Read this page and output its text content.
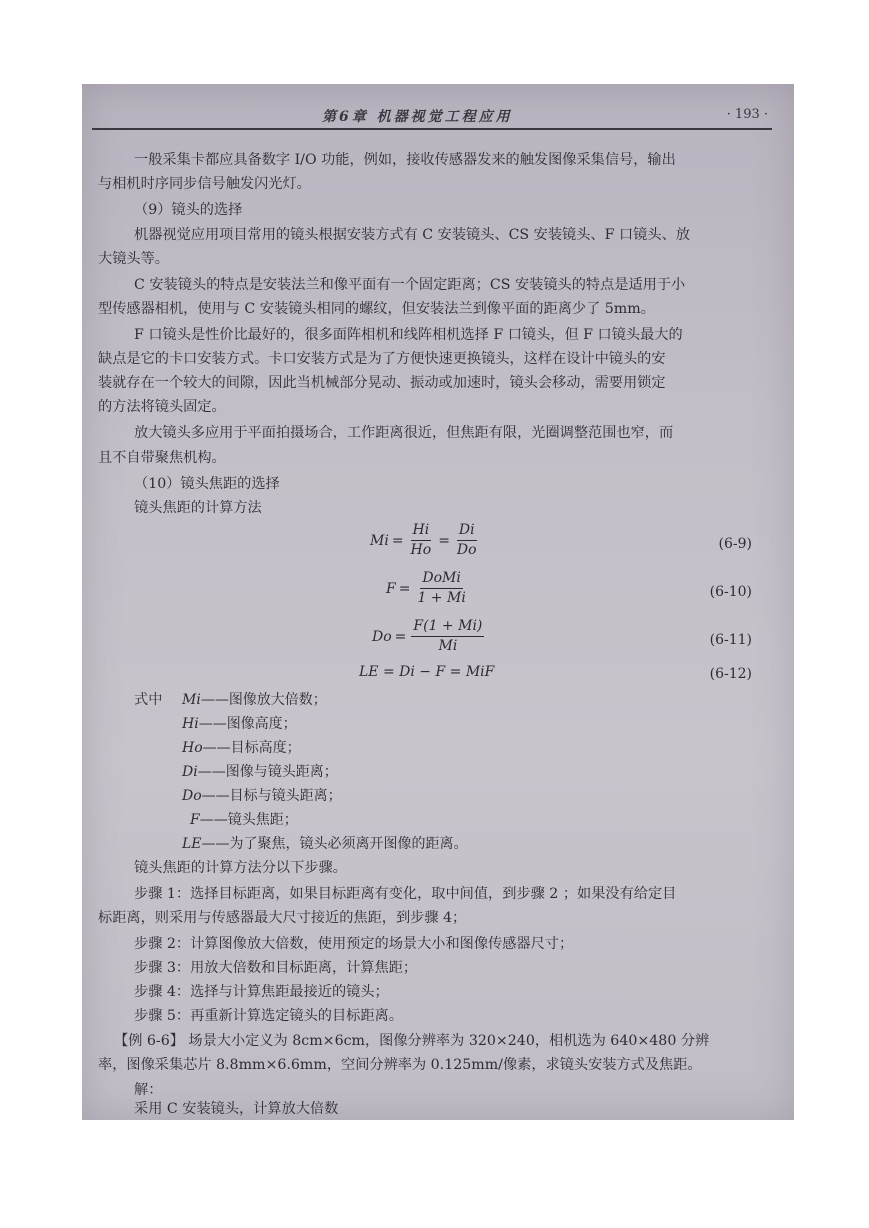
第6章 机器视觉工程应用	· 193 ·
一般采集卡都应具备数字 I/O 功能，例如，接收传感器发来的触发图像采集信号，输出
与相机时序同步信号触发闪光灯。
（9）镜头的选择
机器视觉应用项目常用的镜头根据安装方式有 C 安装镜头、CS 安装镜头、F 口镜头、放
大镜头等。
C 安装镜头的特点是安装法兰和像平面有一个固定距离；CS 安装镜头的特点是适用于小
型传感器相机，使用与 C 安装镜头相同的螺纹，但安装法兰到像平面的距离少了 5mm。
F 口镜头是性价比最好的，很多面阵相机和线阵相机选择 F 口镜头，但 F 口镜头最大的
缺点是它的卡口安装方式。卡口安装方式是为了方便快速更换镜头，这样在设计中镜头的安
装就存在一个较大的间隙，因此当机械部分晃动、振动或加速时，镜头会移动，需要用锁定
的方法将镜头固定。
放大镜头多应用于平面拍摄场合，工作距离很近，但焦距有限，光圈调整范围也窄，而
且不自带聚焦机构。
（10）镜头焦距的选择
镜头焦距的计算方法
$Mi = \frac{Hi}{Ho} = \frac{Di}{Do}$	(6-9)
$F = \frac{\text{DoMi}}{1 + Mi}$	(6-10)
$Do = \frac{F(1 + Mi)}{Mi}$	(6-11)
LE = Di − F = MiF	(6-12)
式中 Mi——图像放大倍数；
Hi——图像高度；
Ho——目标高度；
Di——图像与镜头距离；
Do——目标与镜头距离；
F——镜头焦距；
LE——为了聚焦，镜头必须离开图像的距离。
镜头焦距的计算方法分以下步骤。
步骤 1：选择目标距离，如果目标距离有变化，取中间值，到步骤 2 ；如果没有给定目
标距离，则采用与传感器最大尺寸接近的焦距，到步骤 4；
步骤 2：计算图像放大倍数，使用预定的场景大小和图像传感器尺寸；
步骤 3：用放大倍数和目标距离，计算焦距；
步骤 4：选择与计算焦距最接近的镜头；
步骤 5：再重新计算选定镜头的目标距离。
【例 6-6】 场景大小定义为 8cm×6cm，图像分辨率为 320×240，相机选为 640×480 分辨
率，图像采集芯片 8.8mm×6.6mm，空间分辨率为 0.125mm/像素，求镜头安装方式及焦距。
解：
采用 C 安装镜头，计算放大倍数
